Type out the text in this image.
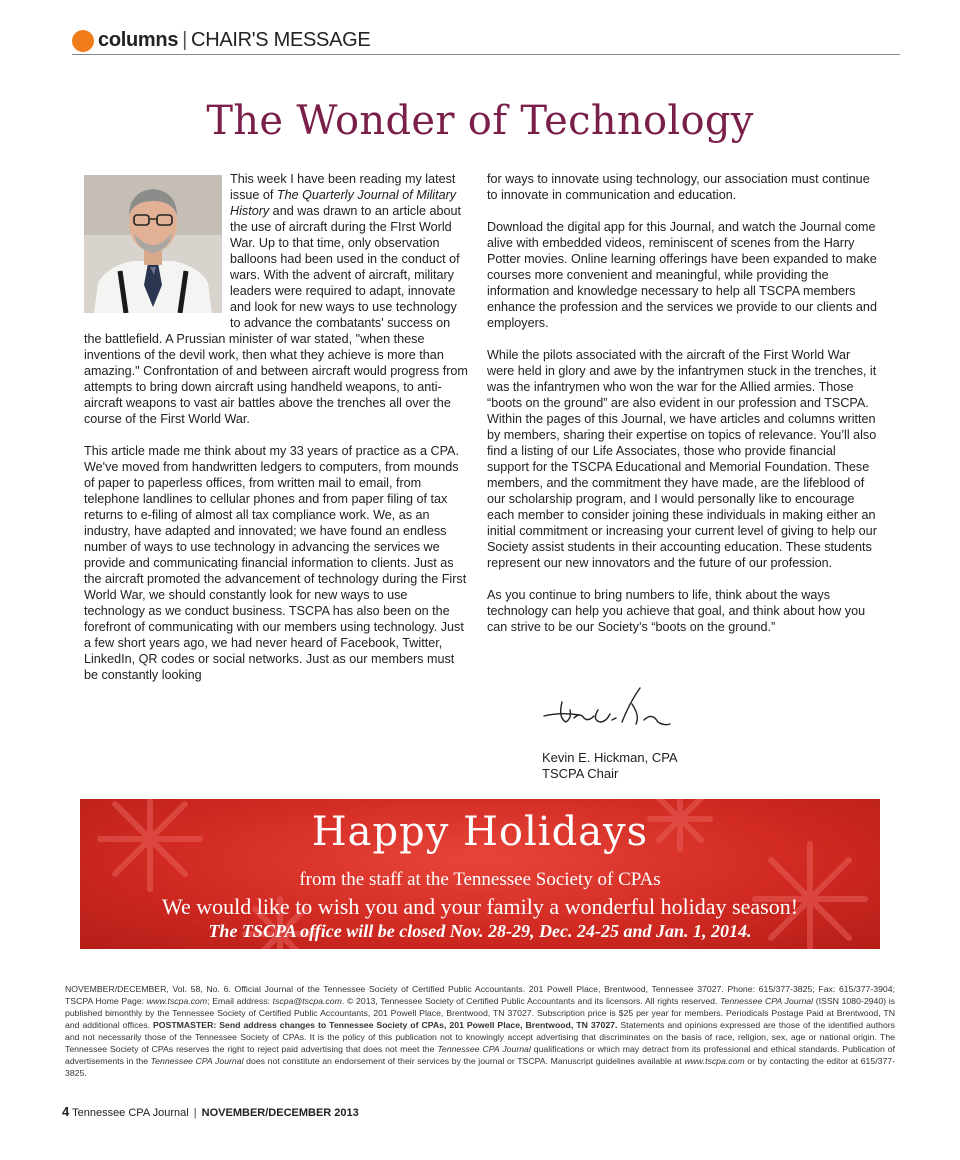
columns | CHAIR'S MESSAGE
The Wonder of Technology

This week I have been reading my latest issue of The Quarterly Journal of Military History and was drawn to an article about the use of aircraft during the FIrst World War. Up to that time, only observation balloons had been used in the conduct of wars. With the advent of aircraft, military leaders were required to adapt, innovate and look for new ways to use technology to advance the combatants' success on the battlefield. A Prussian minister of war stated, "when these inventions of the devil work, then what they achieve is more than amazing." Confrontation of and between aircraft would progress from attempts to bring down aircraft using handheld weapons, to anti-aircraft weapons to vast air battles above the trenches all over the course of the First World War.

This article made me think about my 33 years of practice as a CPA. We've moved from handwritten ledgers to computers, from mounds of paper to paperless offices, from written mail to email, from telephone landlines to cellular phones and from paper filing of tax returns to e-filing of almost all tax compliance work. We, as an industry, have adapted and innovated; we have found an endless number of ways to use technology in advancing the services we provide and communicating financial information to clients. Just as the aircraft promoted the advancement of technology during the First World War, we should constantly look for new ways to use technology as we conduct business. TSCPA has also been on the forefront of communicating with our members using technology. Just a few short years ago, we had never heard of Facebook, Twitter, LinkedIn, QR codes or social networks. Just as our members must be constantly looking

for ways to innovate using technology, our association must continue to innovate in communication and education.

Download the digital app for this Journal, and watch the Journal come alive with embedded videos, reminiscent of scenes from the Harry Potter movies. Online learning offerings have been expanded to make courses more convenient and meaningful, while providing the information and knowledge necessary to help all TSCPA members enhance the profession and the services we provide to our clients and employers.

While the pilots associated with the aircraft of the First World War were held in glory and awe by the infantrymen stuck in the trenches, it was the infantrymen who won the war for the Allied armies. Those “boots on the ground” are also evident in our profession and TSCPA. Within the pages of this Journal, we have articles and columns written by members, sharing their expertise on topics of relevance. You’ll also find a listing of our Life Associates, those who provide financial support for the TSCPA Educational and Memorial Foundation. These members, and the commitment they have made, are the lifeblood of our scholarship program, and I would personally like to encourage each member to consider joining these individuals in making either an initial commitment or increasing your current level of giving to help our Society assist students in their accounting education. These students represent our new innovators and the future of our profession.

As you continue to bring numbers to life, think about the ways technology can help you achieve that goal, and think about how you can strive to be our Society’s “boots on the ground.”

Kevin E. Hickman, CPA
TSCPA Chair
Happy Holidays
from the staff at the Tennessee Society of CPAs
We would like to wish you and your family a wonderful holiday season!
The TSCPA office will be closed Nov. 28-29, Dec. 24-25 and Jan. 1, 2014.
NOVEMBER/DECEMBER, Vol. 58, No. 6. Official Journal of the Tennessee Society of Certified Public Accountants. 201 Powell Place, Brentwood, Tennessee 37027. Phone: 615/377-3825; Fax: 615/377-3904; TSCPA Home Page: www.tscpa.com; Email address: tscpa@tscpa.com. © 2013, Tennessee Society of Certified Public Accountants and its licensors. All rights reserved. Tennessee CPA Journal (ISSN 1080-2940) is published bimonthly by the Tennessee Society of Certified Public Accountants, 201 Powell Place, Brentwood, TN 37027. Subscription price is $25 per year for members. Periodicals Postage Paid at Brentwood, TN and additional offices. POSTMASTER: Send address changes to Tennessee Society of CPAs, 201 Powell Place, Brentwood, TN 37027. Statements and opinions expressed are those of the identified authors and not necessarily those of the Tennessee Society of CPAs. It is the policy of this publication not to knowingly accept advertising that discriminates on the basis of race, religion, sex, age or national origin. The Tennessee Society of CPAs reserves the right to reject paid advertising that does not meet the Tennessee CPA Journal qualifications or which may detract from its professional and ethical standards. Publication of advertisements in the Tennessee CPA Journal does not constitute an endorsement of their services by the journal or TSCPA. Manuscript guidelines available at www.tscpa.com or by contacting the editor at 615/377-3825.
4 Tennessee CPA Journal | NOVEMBER/DECEMBER 2013
